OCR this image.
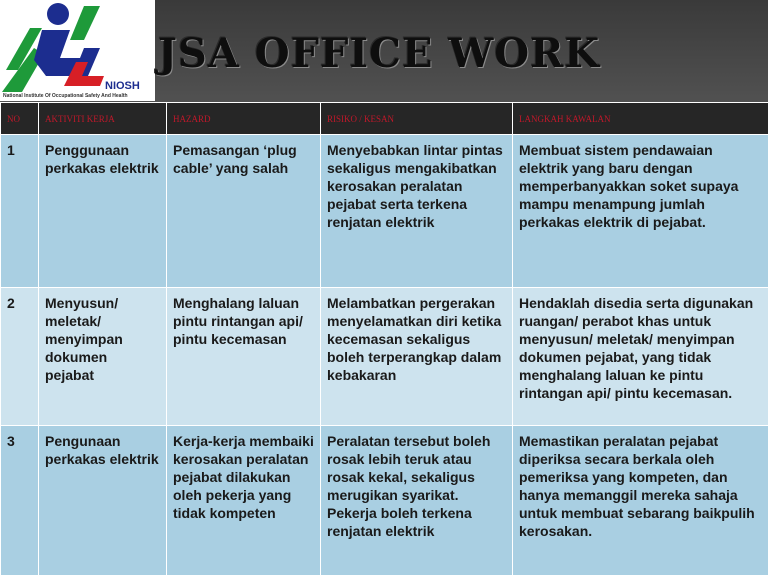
NIOSH
National Institute Of Occupational Safety And Health
JSA OFFICE WORK
NO	AKTIVITI KERJA	HAZARD	RISIKO / KESAN	LANGKAH KAWALAN
1	Penggunaan perkakas elektrik	Pemasangan ‘plug cable’ yang salah	Menyebabkan lintar pintas sekaligus mengakibatkan kerosakan peralatan pejabat serta terkena renjatan elektrik	Membuat sistem pendawaian elektrik yang baru dengan memperbanyakkan soket supaya mampu menampung jumlah perkakas elektrik di pejabat.
2	Menyusun/ meletak/ menyimpan dokumen pejabat	Menghalang laluan pintu rintangan api/ pintu kecemasan	Melambatkan pergerakan menyelamatkan diri ketika kecemasan sekaligus boleh terperangkap dalam kebakaran	Hendaklah disedia serta digunakan ruangan/ perabot khas untuk menyusun/ meletak/ menyimpan dokumen pejabat, yang tidak menghalang laluan ke pintu rintangan api/ pintu kecemasan.
3	Pengunaan perkakas elektrik	Kerja-kerja membaiki kerosakan peralatan pejabat dilakukan oleh pekerja yang tidak kompeten	Peralatan tersebut boleh rosak lebih teruk atau rosak kekal, sekaligus merugikan syarikat.
Pekerja boleh terkena renjatan elektrik	Memastikan peralatan pejabat diperiksa secara berkala oleh pemeriksa yang kompeten, dan hanya memanggil mereka sahaja untuk membuat sebarang baikpulih kerosakan.
